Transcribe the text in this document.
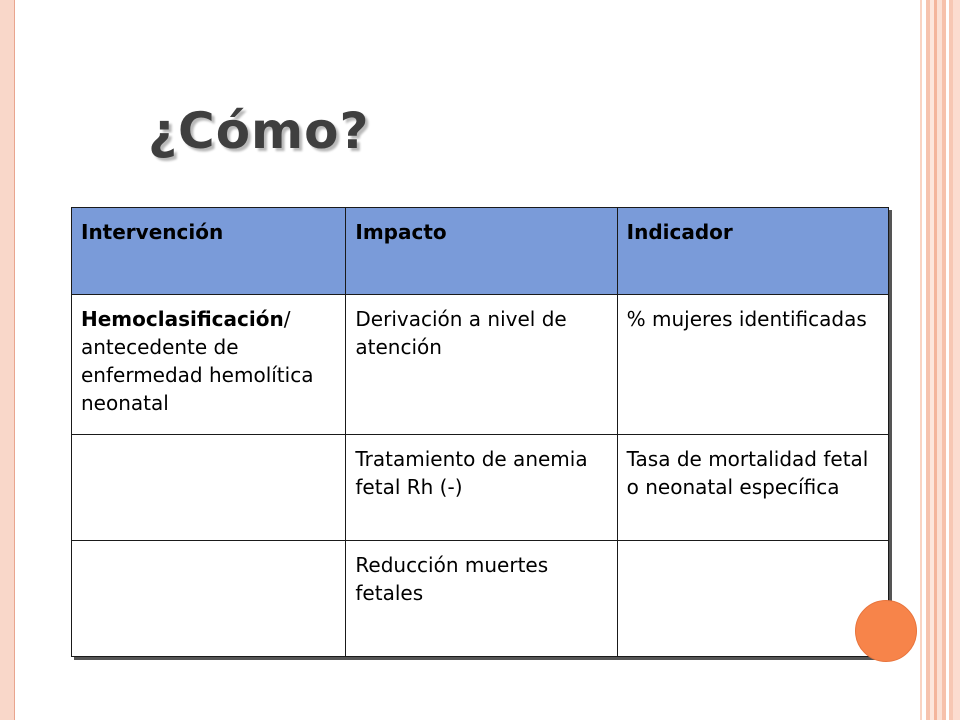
¿Cómo?
Intervención	Impacto	Indicador
Hemoclasificación/ antecedente de enfermedad hemolítica neonatal	Derivación a nivel de atención	% mujeres identificadas
	Tratamiento de anemia fetal Rh (-)	Tasa de mortalidad fetal o neonatal específica
	Reducción muertes fetales	
